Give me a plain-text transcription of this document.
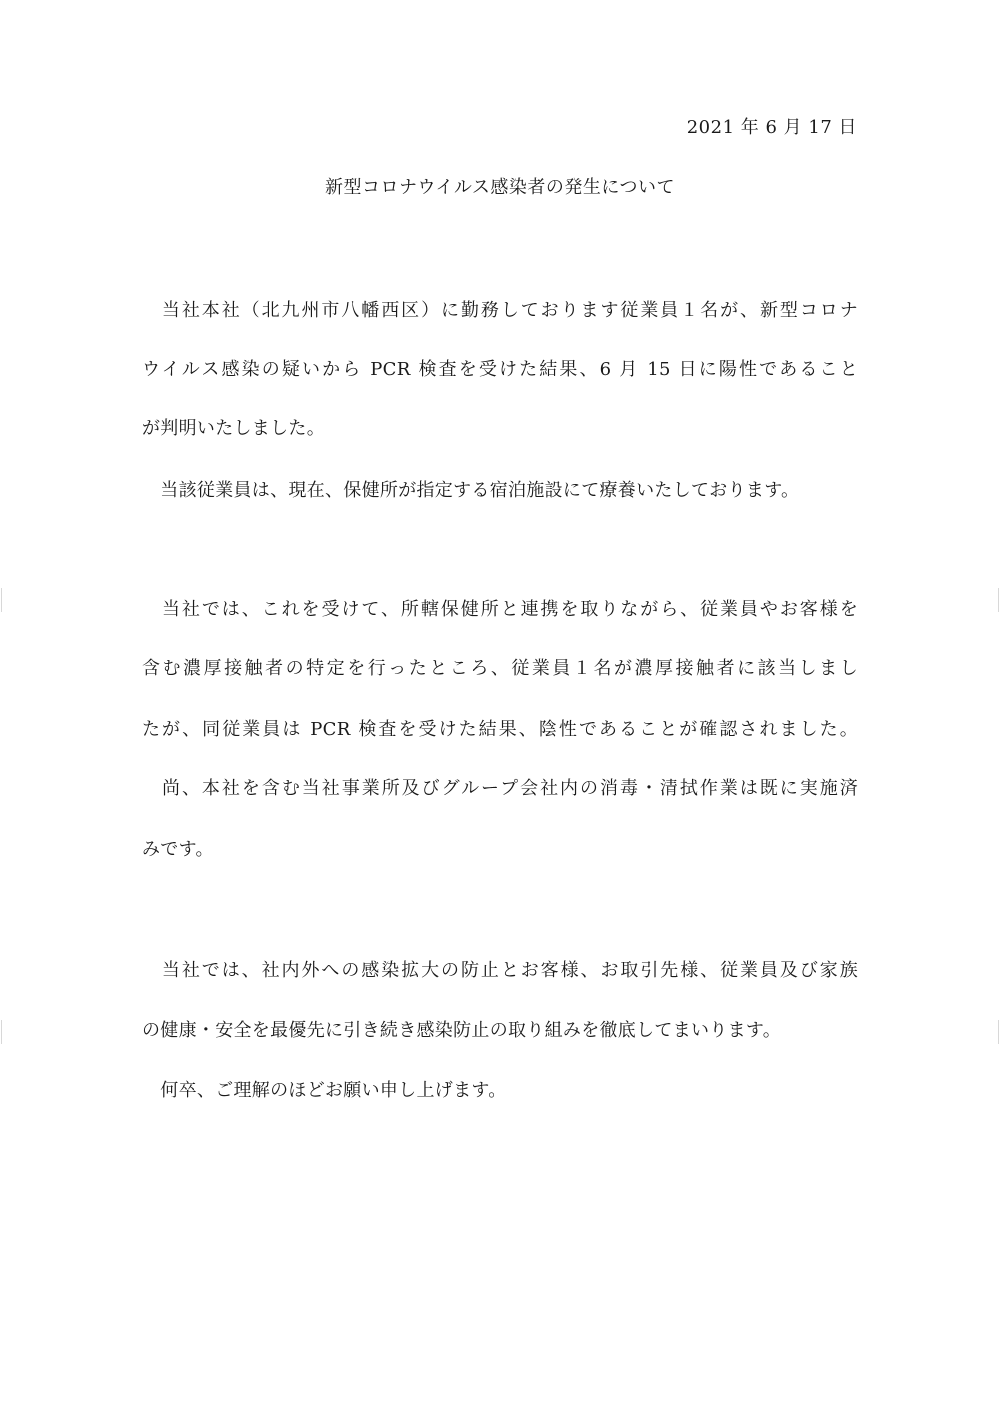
2021 年 6 月 17 日
新型コロナウイルス感染者の発生について
　当社本社（北九州市八幡西区）に勤務しております従業員１名が、新型コロナ
ウイルス感染の疑いから PCR 検査を受けた結果、6 月 15 日に陽性であること
が判明いたしました。
　当該従業員は、現在、保健所が指定する宿泊施設にて療養いたしております。
　当社では、これを受けて、所轄保健所と連携を取りながら、従業員やお客様を
含む濃厚接触者の特定を行ったところ、従業員１名が濃厚接触者に該当しまし
たが、同従業員は PCR 検査を受けた結果、陰性であることが確認されました。
　尚、本社を含む当社事業所及びグループ会社内の消毒・清拭作業は既に実施済
みです。
　当社では、社内外への感染拡大の防止とお客様、お取引先様、従業員及び家族
の健康・安全を最優先に引き続き感染防止の取り組みを徹底してまいります。
　何卒、ご理解のほどお願い申し上げます。
